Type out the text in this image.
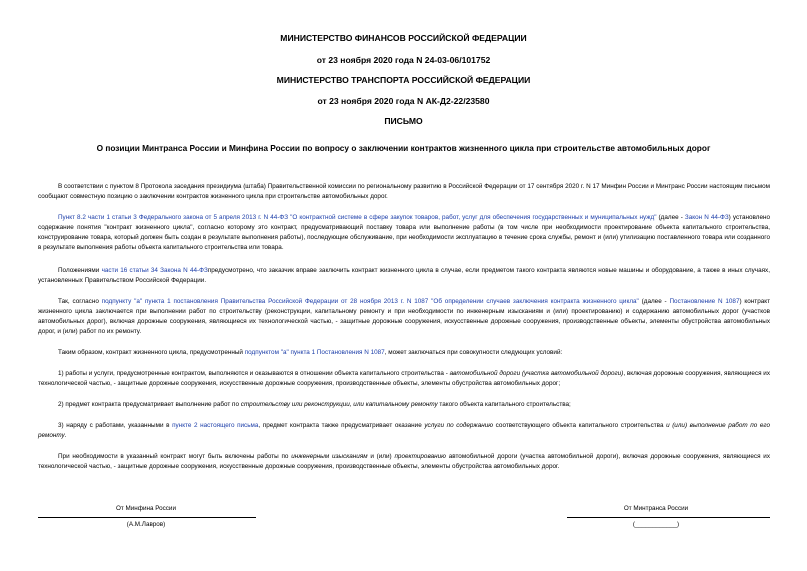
МИНИСТЕРСТВО ФИНАНСОВ РОССИЙСКОЙ ФЕДЕРАЦИИ
от 23 ноября 2020 года N 24-03-06/101752
МИНИСТЕРСТВО ТРАНСПОРТА РОССИЙСКОЙ ФЕДЕРАЦИИ
от 23 ноября 2020 года N АК-Д2-22/23580
ПИСЬМО
О позиции Минтранса России и Минфина России по вопросу о заключении контрактов жизненного цикла при строительстве автомобильных дорог

В соответствии с пунктом 8 Протокола заседания президиума (штаба) Правительственной комиссии по региональному развитию в Российской Федерации от 17 сентября 2020 г. N 17 Минфин России и Минтранс России настоящим письмом сообщают совместную позицию о заключении контрактов жизненного цикла при строительстве автомобильных дорог.

Пункт 8.2 части 1 статьи 3 Федерального закона от 5 апреля 2013 г. N 44-ФЗ "О контрактной системе в сфере закупок товаров, работ, услуг для обеспечения государственных и муниципальных нужд" (далее - Закон N 44-ФЗ) установлено содержание понятия "контракт жизненного цикла", согласно которому это контракт, предусматривающий поставку товара или выполнение работы (в том числе при необходимости проектирование объекта капитального строительства, конструирование товара, который должен быть создан в результате выполнения работы), последующие обслуживание, при необходимости эксплуатацию в течение срока службы, ремонт и (или) утилизацию поставленного товара или созданного в результате выполнения работы объекта капитального строительства или товара.

Положениями части 16 статьи 34 Закона N 44-ФЗпредусмотрено, что заказчик вправе заключить контракт жизненного цикла в случае, если предметом такого контракта являются новые машины и оборудование, а также в иных случаях, установленных Правительством Российской Федерации.

Так, согласно подпункту "а" пункта 1 постановления Правительства Российской Федерации от 28 ноября 2013 г. N 1087 "Об определении случаев заключения контракта жизненного цикла" (далее - Постановление N 1087) контракт жизненного цикла заключается при выполнении работ по строительству (реконструкции, капитальному ремонту и при необходимости по инженерным изысканиям и (или) проектированию) и содержанию автомобильных дорог (участков автомобильных дорог), включая дорожные сооружения, являющиеся их технологической частью, - защитные дорожные сооружения, искусственные дорожные сооружения, производственные объекты, элементы обустройства автомобильных дорог, и (или) работ по их ремонту.

Таким образом, контракт жизненного цикла, предусмотренный подпунктом "а" пункта 1 Постановления N 1087, может заключаться при совокупности следующих условий:

1) работы и услуги, предусмотренные контрактом, выполняются и оказываются в отношении объекта капитального строительства - автомобильной дороги (участка автомобильной дороги), включая дорожные сооружения, являющиеся их технологической частью, - защитные дорожные сооружения, искусственные дорожные сооружения, производственные объекты, элементы обустройства автомобильных дорог;

2) предмет контракта предусматривает выполнение работ по строительству или реконструкции, или капитальному ремонту такого объекта капитального строительства;

3) наряду с работами, указанными в пункте 2 настоящего письма, предмет контракта также предусматривает оказание услуги по содержанию соответствующего объекта капитального строительства и (или) выполнение работ по его ремонту.

При необходимости в указанный контракт могут быть включены работы по инженерным изысканиям и (или) проектированию автомобильной дороги (участка автомобильной дороги), включая дорожные сооружения, являющиеся их технологической частью, - защитные дорожные сооружения, искусственные дорожные сооружения, производственные объекты, элементы обустройства автомобильных дорог.

От Минфина России
(А.М.Лавров)
От Минтранса России
(____________)
